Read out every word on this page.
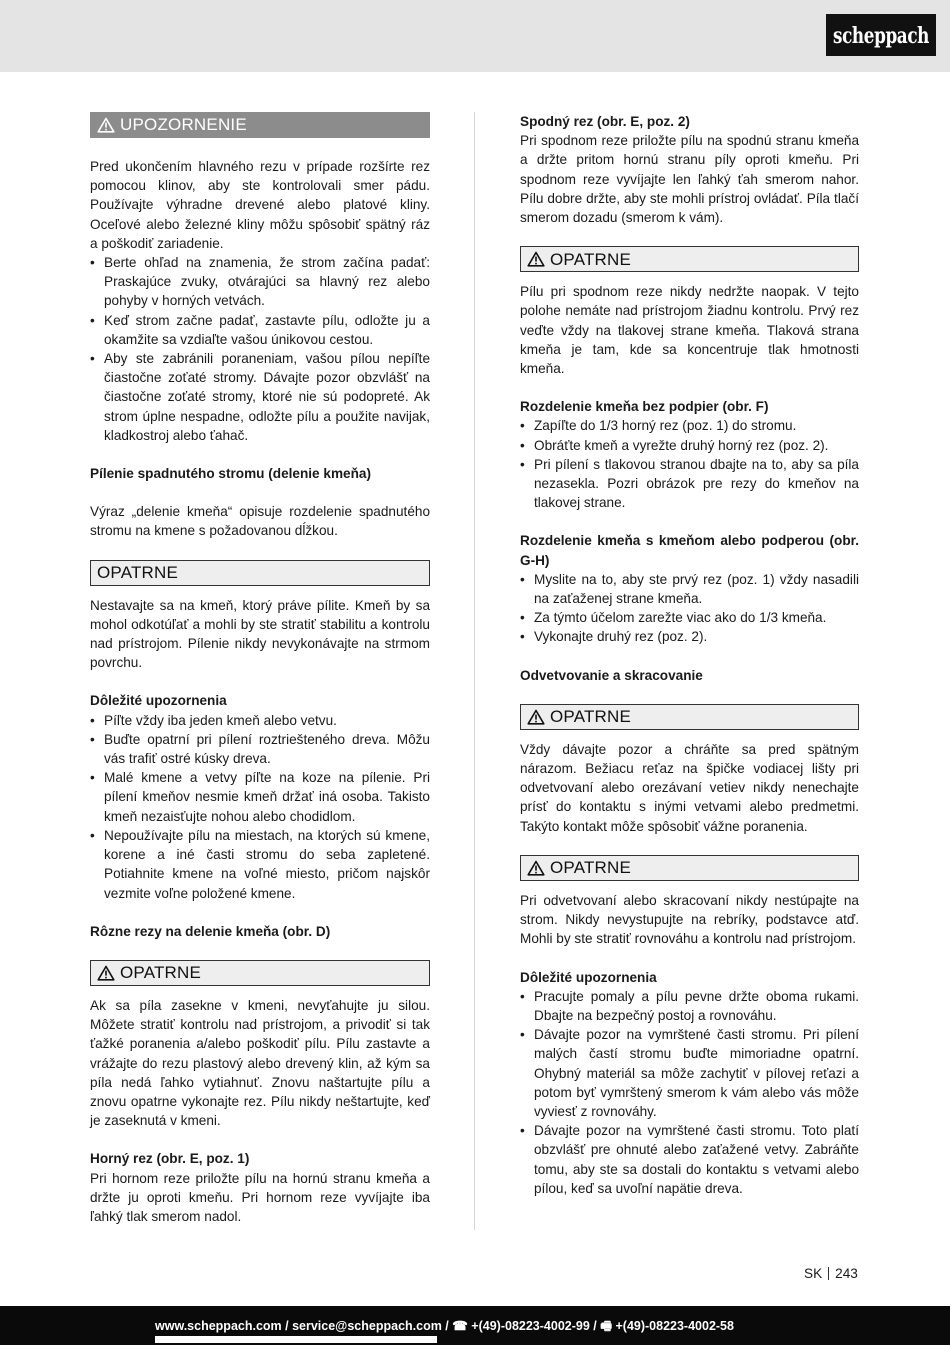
scheppach
UPOZORNENIE

Pred ukončením hlavného rezu v prípade rozšírte rez pomocou klinov, aby ste kontrolovali smer pádu. Používajte výhradne drevené alebo platové kliny. Oceľové alebo železné kliny môžu spôsobiť spätný ráz a poškodiť zariadenie.

• Berte ohľad na znamenia, že strom začína padať: Praskajúce zvuky, otvárajúci sa hlavný rez alebo pohyby v horných vetvách.
• Keď strom začne padať, zastavte pílu, odložte ju a okamžite sa vzdiaľte vašou únikovou cestou.
• Aby ste zabránili poraneniam, vašou pílou nepíľte čiastočne zoťaté stromy. Dávajte pozor obzvlášť na čiastočne zoťaté stromy, ktoré nie sú podopreté. Ak strom úplne nespadne, odložte pílu a použite navijak, kladkostroj alebo ťahač.

Pílenie spadnutého stromu (delenie kmeňa)

Výraz „delenie kmeňa“ opisuje rozdelenie spadnutého stromu na kmene s požadovanou dĺžkou.

OPATRNE

Nestavajte sa na kmeň, ktorý práve pílite. Kmeň by sa mohol odkotúľať a mohli by ste stratiť stabilitu a kontrolu nad prístrojom. Pílenie nikdy nevykonávajte na strmom povrchu.

Dôležité upozornenia

• Píľte vždy iba jeden kmeň alebo vetvu.
• Buďte opatrní pri pílení roztriešteného dreva. Môžu vás trafiť ostré kúsky dreva.
• Malé kmene a vetvy píľte na koze na pílenie. Pri pílení kmeňov nesmie kmeň držať iná osoba. Takisto kmeň nezaisťujte nohou alebo chodidlom.
• Nepoužívajte pílu na miestach, na ktorých sú kmene, korene a iné časti stromu do seba zapletené. Potiahnite kmene na voľné miesto, pričom najskôr vezmite voľne položené kmene.

Rôzne rezy na delenie kmeňa (obr. D)

OPATRNE

Ak sa píla zasekne v kmeni, nevyťahujte ju silou. Môžete stratiť kontrolu nad prístrojom, a privodiť si tak ťažké poranenia a/alebo poškodiť pílu. Pílu zastavte a vrážajte do rezu plastový alebo drevený klin, až kým sa píla nedá ľahko vytiahnuť. Znovu naštartujte pílu a znovu opatrne vykonajte rez. Pílu nikdy neštartujte, keď je zaseknutá v kmeni.

Horný rez (obr. E, poz. 1)

Pri hornom reze priložte pílu na hornú stranu kmeňa a držte ju oproti kmeňu. Pri hornom reze vyvíjajte iba ľahký tlak smerom nadol.

Spodný rez (obr. E, poz. 2)

Pri spodnom reze priložte pílu na spodnú stranu kmeňa a držte pritom hornú stranu píly oproti kmeňu. Pri spodnom reze vyvíjajte len ľahký ťah smerom nahor. Pílu dobre držte, aby ste mohli prístroj ovládať. Píla tlačí smerom dozadu (smerom k vám).

OPATRNE

Pílu pri spodnom reze nikdy nedržte naopak. V tejto polohe nemáte nad prístrojom žiadnu kontrolu. Prvý rez veďte vždy na tlakovej strane kmeňa. Tlaková strana kmeňa je tam, kde sa koncentruje tlak hmotnosti kmeňa.

Rozdelenie kmeňa bez podpier (obr. F)

• Zapíľte do 1/3 horný rez (poz. 1) do stromu.
• Obráťte kmeň a vyrežte druhý horný rez (poz. 2).
• Pri pílení s tlakovou stranou dbajte na to, aby sa píla nezasekla. Pozri obrázok pre rezy do kmeňov na tlakovej strane.

Rozdelenie kmeňa s kmeňom alebo podperou (obr. G-H)

• Myslite na to, aby ste prvý rez (poz. 1) vždy nasadili na zaťaženej strane kmeňa.
• Za týmto účelom zarežte viac ako do 1/3 kmeňa.
• Vykonajte druhý rez (poz. 2).

Odvetvovanie a skracovanie

OPATRNE

Vždy dávajte pozor a chráňte sa pred spätným nárazom. Bežiacu reťaz na špičke vodiacej lišty pri odvetvovaní alebo orezávaní vetiev nikdy nenechajte prísť do kontaktu s inými vetvami alebo predmetmi. Takýto kontakt môže spôsobiť vážne poranenia.

OPATRNE

Pri odvetvovaní alebo skracovaní nikdy nestúpajte na strom. Nikdy nevystupujte na rebríky, podstavce atď. Mohli by ste stratiť rovnováhu a kontrolu nad prístrojom.

Dôležité upozornenia

• Pracujte pomaly a pílu pevne držte oboma rukami. Dbajte na bezpečný postoj a rovnováhu.
• Dávajte pozor na vymrštené časti stromu. Pri pílení malých častí stromu buďte mimoriadne opatrní. Ohybný materiál sa môže zachytiť v pílovej reťazi a potom byť vymrštený smerom k vám alebo vás môže vyviesť z rovnováhy.
• Dávajte pozor na vymrštené časti stromu. Toto platí obzvlášť pre ohnuté alebo zaťažené vetvy. Zabráňte tomu, aby ste sa dostali do kontaktu s vetvami alebo pílou, keď sa uvoľní napätie dreva.
SK 243
www.scheppach.com / service@scheppach.com / ☎ +(49)-08223-4002-99 / 🖷 +(49)-08223-4002-58
